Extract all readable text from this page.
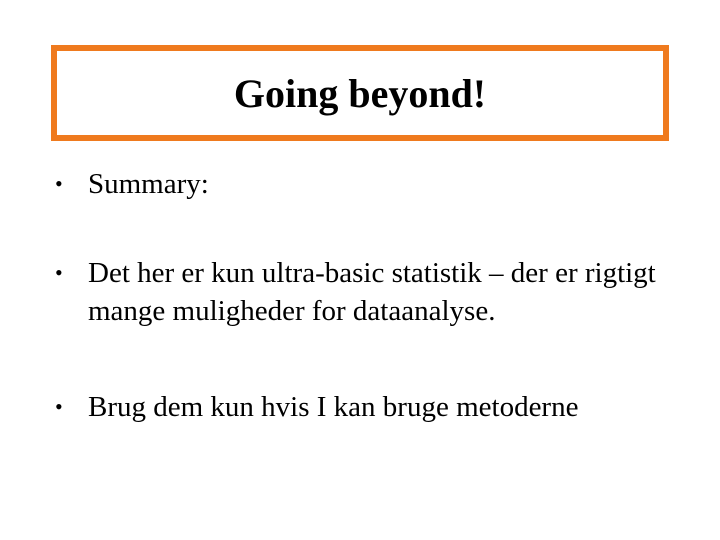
Going beyond!
• Summary:
• Det her er kun ultra-basic statistik – der er rigtigt mange muligheder for dataanalyse.
• Brug dem kun hvis I kan bruge metoderne
